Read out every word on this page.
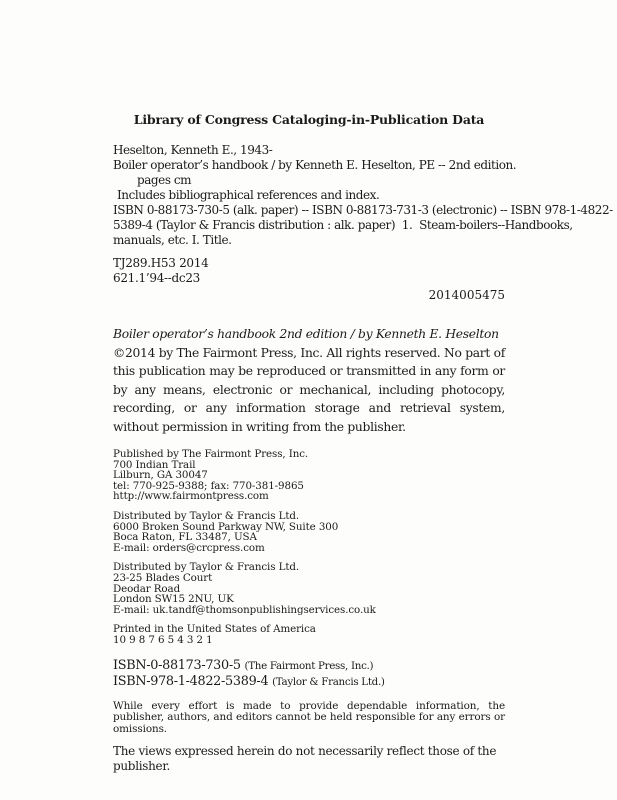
Library of Congress Cataloging-in-Publication Data
Heselton, Kenneth E., 1943-
Boiler operator’s handbook / by Kenneth E. Heselton, PE -- 2nd edition.
pages cm
Includes bibliographical references and index.
ISBN 0-88173-730-5 (alk. paper) -- ISBN 0-88173-731-3 (electronic) -- ISBN 978-1-4822-
5389-4 (Taylor & Francis distribution : alk. paper)  1.  Steam-boilers--Handbooks,
manuals, etc. I. Title.
TJ289.H53 2014
621.1’94--dc23
2014005475
Boiler operator’s handbook 2nd edition / by Kenneth E. Heselton
©2014 by The Fairmont Press, Inc. All rights reserved. No part of this publication may be reproduced or transmitted in any form or by any means, electronic or mechanical, including photocopy, recording, or any information storage and retrieval system, without permission in writing from the publisher.
Published by The Fairmont Press, Inc.
700 Indian Trail
Lilburn, GA 30047
tel: 770-925-9388; fax: 770-381-9865
http://www.fairmontpress.com
Distributed by Taylor & Francis Ltd.
6000 Broken Sound Parkway NW, Suite 300
Boca Raton, FL 33487, USA
E-mail: orders@crcpress.com
Distributed by Taylor & Francis Ltd.
23-25 Blades Court
Deodar Road
London SW15 2NU, UK
E-mail: uk.tandf@thomsonpublishingservices.co.uk
Printed in the United States of America
10 9 8 7 6 5 4 3 2 1
ISBN-0-88173-730-5 (The Fairmont Press, Inc.)
ISBN-978-1-4822-5389-4 (Taylor & Francis Ltd.)
While every effort is made to provide dependable information, the publisher, authors, and editors cannot be held responsible for any errors or omissions.
The views expressed herein do not necessarily reflect those of the publisher.
